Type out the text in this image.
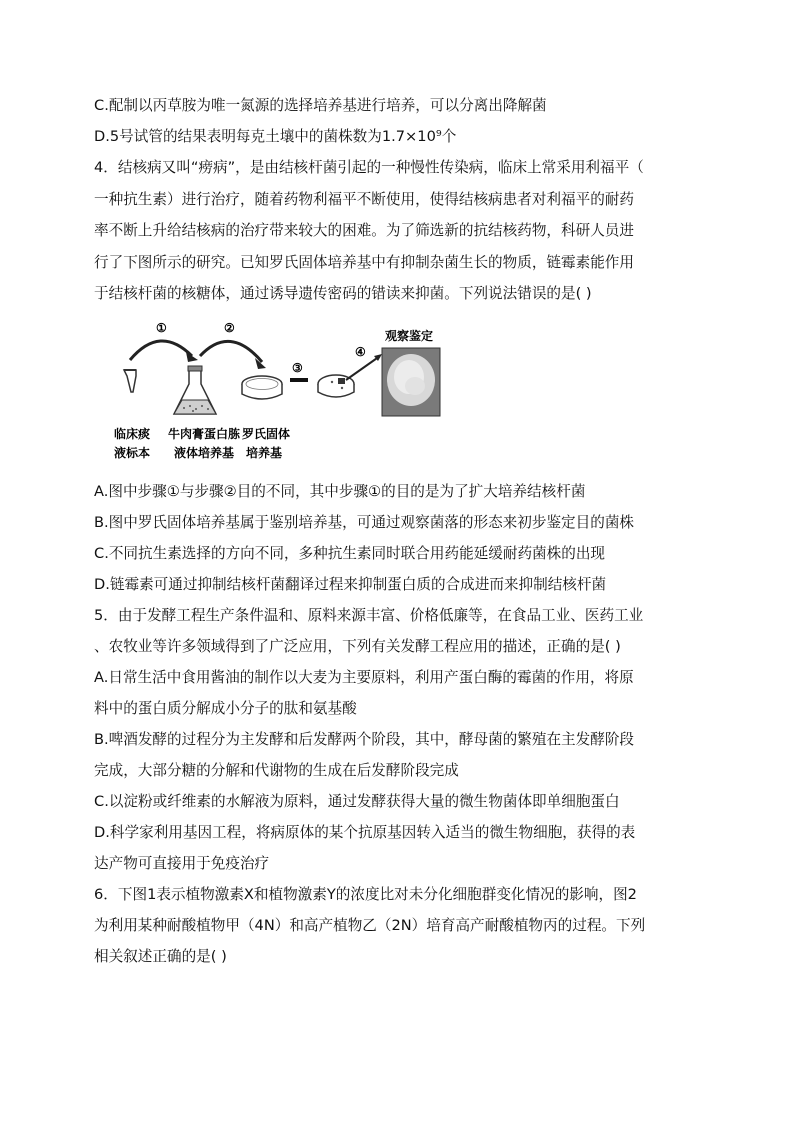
C.配制以丙草胺为唯一氮源的选择培养基进行培养，可以分离出降解菌
D.5号试管的结果表明每克土壤中的菌株数为1.7×10⁹个
4．结核病又叫“痨病”，是由结核杆菌引起的一种慢性传染病，临床上常采用利福平（
一种抗生素）进行治疗，随着药物利福平不断使用，使得结核病患者对利福平的耐药
率不断上升给结核病的治疗带来较大的困难。为了筛选新的抗结核药物，科研人员进
行了下图所示的研究。已知罗氏固体培养基中有抑制杂菌生长的物质，链霉素能作用
于结核杆菌的核糖体，通过诱导遗传密码的错读来抑菌。下列说法错误的是( )
①	②
③
④
观察鉴定
临床痰
液标本
牛肉膏蛋白胨
液体培养基
罗氏固体
培养基
A.图中步骤①与步骤②目的不同，其中步骤①的目的是为了扩大培养结核杆菌
B.图中罗氏固体培养基属于鉴别培养基，可通过观察菌落的形态来初步鉴定目的菌株
C.不同抗生素选择的方向不同，多种抗生素同时联合用药能延缓耐药菌株的出现
D.链霉素可通过抑制结核杆菌翻译过程来抑制蛋白质的合成进而来抑制结核杆菌
5．由于发酵工程生产条件温和、原料来源丰富、价格低廉等，在食品工业、医药工业
、农牧业等许多领域得到了广泛应用，下列有关发酵工程应用的描述，正确的是( )
A.日常生活中食用酱油的制作以大麦为主要原料，利用产蛋白酶的霉菌的作用，将原
料中的蛋白质分解成小分子的肽和氨基酸
B.啤酒发酵的过程分为主发酵和后发酵两个阶段，其中，酵母菌的繁殖在主发酵阶段
完成，大部分糖的分解和代谢物的生成在后发酵阶段完成
C.以淀粉或纤维素的水解液为原料，通过发酵获得大量的微生物菌体即单细胞蛋白
D.科学家利用基因工程，将病原体的某个抗原基因转入适当的微生物细胞，获得的表
达产物可直接用于免疫治疗
6．下图1表示植物激素X和植物激素Y的浓度比对未分化细胞群变化情况的影响，图2
为利用某种耐酸植物甲（4N）和高产植物乙（2N）培育高产耐酸植物丙的过程。下列
相关叙述正确的是( )
